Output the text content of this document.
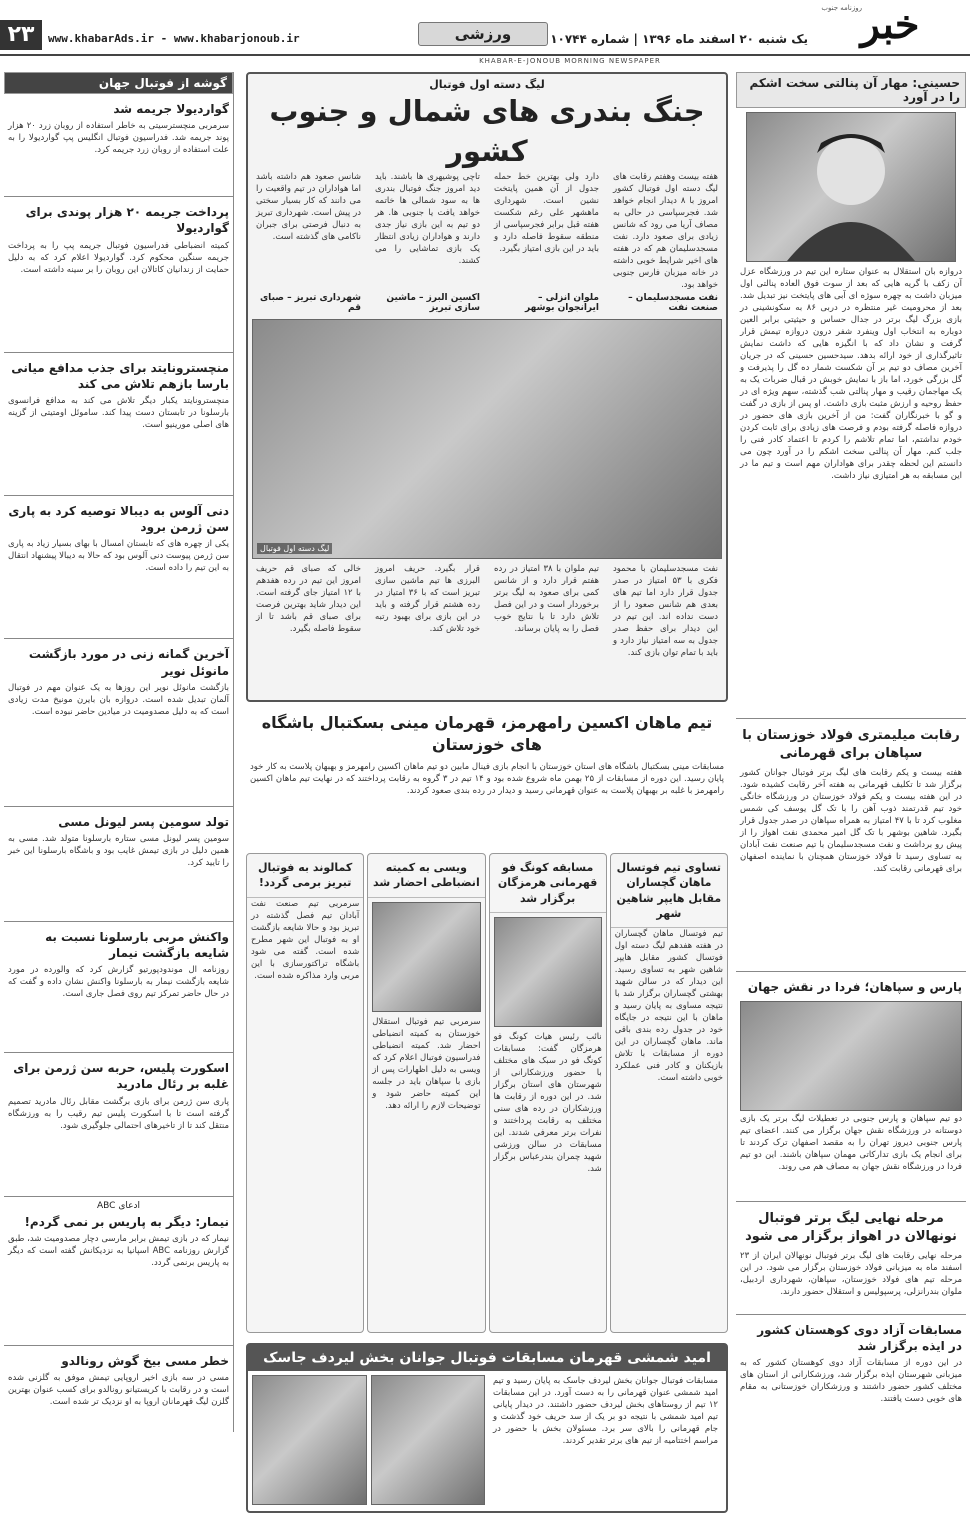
خبر
روزنامه جنوب
یک شنبه ۲۰ اسفند ماه ۱۳۹۶ | شماره ۱۰۷۴۴
ورزشی
www.khabarAds.ir - www.khabarjonoub.ir
۲۳
KHABAR-E-JONOUB MORNING NEWSPAPER
حسینی: مهار آن پنالتی سخت اشکم را در آورد
دروازه بان استقلال به عنوان ستاره این تیم در ورزشگاه عزل آن زکف با گریه هایی که بعد از سوت فوق العاده پنالتی اول میزبان داشت به چهره سوژه ای آبی های پایتخت نیز تبدیل شد. بعد از محرومیت غیر منتظره در دربی ۸۶ به سکونشینی در بازی بزرگ لیگ برتر در جدال حساس و حیثیتی برابر العین دوباره به انتخاب اول وینفرد شفر درون دروازه تیمش قرار گرفت و نشان داد که با انگیزه هایی که داشت نمایش تاثیرگذاری از خود ارائه بدهد. سیدحسین حسینی که در جریان آخرین مصاف دو تیم بر آن شکست شمار ده گل را پذیرفت و گل بزرگی خورد، اما باز با نمایش خوبش در قبال ضربات یک به یک مهاجمان رقیب و مهار پنالتی شب گذشته، سهم ویژه ای در حفظ روحیه و ارزش مثبت بازی داشت. او پس از بازی در گفت و گو با خبرنگاران گفت: من از آخرین بازی های حضور در دروازه فاصله گرفته بودم و فرصت های زیادی برای ثابت کردن خودم نداشتم، اما تمام تلاشم را کردم تا اعتماد کادر فنی را جلب کنم. مهار آن پنالتی سخت اشکم را در آورد چون می دانستم این لحظه چقدر برای هواداران مهم است و تیم ما در این مسابقه به هر امتیازی نیاز داشت.
رقابت میلیمتری فولاد خوزستان با سپاهان برای قهرمانی
هفته بیست و یکم رقابت های لیگ برتر فوتبال جوانان کشور برگزار شد تا تکلیف قهرمانی به هفته آخر رقابت کشیده شود. در این هفته بیست و یکم فولاد خوزستان در ورزشگاه خانگی خود تیم قدرتمند ذوب آهن را با تک گل یوسف کی شمس مغلوب کرد تا با ۴۷ امتیاز به همراه سپاهان در صدر جدول قرار بگیرد. شاهین بوشهر با تک گل امیر محمدی نفت اهواز را از پیش رو برداشت و نفت مسجدسلیمان با تیم صنعت نفت آبادان به تساوی رسید تا فولاد خوزستان همچنان با نماینده اصفهان برای قهرمانی رقابت کند.
پارس و سپاهان؛ فردا در نقش جهان
دو تیم سپاهان و پارس جنوبی در تعطیلات لیگ برتر یک بازی دوستانه در ورزشگاه نقش جهان برگزار می کنند. اعضای تیم پارس جنوبی دیروز تهران را به مقصد اصفهان ترک کردند تا برای انجام یک بازی تدارکاتی مهمان سپاهان باشند. این دو تیم فردا در ورزشگاه نقش جهان به مصاف هم می روند.
مرحله نهایی لیگ برتر فوتبال نونهالان در اهواز برگزار می شود
مرحله نهایی رقابت های لیگ برتر فوتبال نونهالان ایران از ۲۳ اسفند ماه به میزبانی فولاد خوزستان برگزار می شود. در این مرحله تیم های فولاد خوزستان، سپاهان، شهرداری اردبیل، ملوان بندرانزلی، پرسپولیس و استقلال حضور دارند.
مسابقات آزاد دوی کوهستان کشور در ایذه برگزار شد
در این دوره از مسابقات آزاد دوی کوهستان کشور که به میزبانی شهرستان ایذه برگزار شد، ورزشکارانی از استان های مختلف کشور حضور داشتند و ورزشکاران خوزستانی به مقام های خوبی دست یافتند.
لیگ دسته اول فوتبال
جنگ بندری های شمال و جنوب کشور
هفته بیست وهفتم رقابت های لیگ دسته اول فوتبال کشور امروز با ۸ دیدار انجام خواهد شد. فجرسپاسی در حالی به مصاف آریا می رود که شانس زیادی برای صعود دارد. نفت مسجدسلیمان هم که در هفته های اخیر شرایط خوبی داشته در خانه میزبان فارس جنوبی خواهد بود.
دارد ولی بهترین خط حمله جدول از آن همین پایتخت نشین است. شهرداری ماهشهر علی رغم شکست هفته قبل برابر فجرسپاسی از منطقه سقوط فاصله دارد و باید در این بازی امتیاز بگیرد.
تاچی پوشیهری ها باشند. باید دید امروز جنگ فوتبال بندری ها به سود شمالی ها خاتمه خواهد یافت یا جنوبی ها. هر دو تیم به این بازی نیاز جدی دارند و هواداران زیادی انتظار یک بازی تماشایی را می کشند.
شانس صعود هم داشته باشد اما هواداران در تیم واقعیت را می دانند که کار بسیار سختی در پیش است. شهرداری تبریز به دنبال فرصتی برای جبران ناکامی های گذشته است.
نفت مسجدسلیمان – صنعت نفت
ملوان انزلی – ایرانجوان بوشهر
اکسین البرز – ماشین سازی تبریز
شهرداری تبریز – صبای قم
لیگ دسته اول فوتبال
نفت مسجدسلیمان با محمود فکری با ۵۳ امتیاز در صدر جدول قرار دارد اما تیم های بعدی هم شانس صعود را از دست نداده اند. این تیم در این دیدار برای حفظ صدر جدول به سه امتیاز نیاز دارد و باید با تمام توان بازی کند.
تیم ملوان با ۳۸ امتیاز در رده هفتم قرار دارد و از شانس کمی برای صعود به لیگ برتر برخوردار است و در این فصل تلاش دارد تا با نتایج خوب فصل را به پایان برساند.
قرار بگیرد. حریف امروز البرزی ها تیم ماشین سازی تبریز است که با ۳۶ امتیاز در رده هشتم قرار گرفته و باید در این بازی برای بهبود رتبه خود تلاش کند.
خالی که صبای قم حریف امروز این تیم در رده هفدهم با ۱۲ امتیاز جای گرفته است. این دیدار شاید بهترین فرصت برای صبای قم باشد تا از سقوط فاصله بگیرد.
تیم ماهان اکسین رامهرمز، قهرمان مینی بسکتبال باشگاه های خوزستان
مسابقات مینی بسکتبال باشگاه های استان خوزستان با انجام بازی فینال مابین دو تیم ماهان اکسین رامهرمز و بهبهان پلاست به کار خود پایان رسید. این دوره از مسابقات از ۲۵ بهمن ماه شروع شده بود و ۱۴ تیم در ۳ گروه به رقابت پرداختند که در نهایت تیم ماهان اکسین رامهرمز با غلبه بر بهبهان پلاست به عنوان قهرمانی رسید و دیدار در رده بندی صعود کردند.
تساوی تیم فوتسال ماهان گچساران مقابل هایپر شاهین شهر
تیم فوتسال ماهان گچساران در هفته هفدهم لیگ دسته اول فوتسال کشور مقابل هایپر شاهین شهر به تساوی رسید. این دیدار که در سالن شهید بهشتی گچساران برگزار شد با نتیجه مساوی به پایان رسید و ماهان با این نتیجه در جایگاه خود در جدول رده بندی باقی ماند. ماهان گچساران در این دوره از مسابقات با تلاش بازیکنان و کادر فنی عملکرد خوبی داشته است.
مسابقه کونگ فو قهرمانی هرمزگان برگزار شد
نائب رئیس هیات کونگ فو هرمزگان گفت: مسابقات کونگ فو در سبک های مختلف با حضور ورزشکارانی از شهرستان های استان برگزار شد. در این دوره از رقابت ها ورزشکاران در رده های سنی مختلف به رقابت پرداختند و نفرات برتر معرفی شدند. این مسابقات در سالن ورزشی شهید چمران بندرعباس برگزار شد.
ویسی به کمیته انضباطی احضار شد
سرمربی تیم فوتبال استقلال خوزستان به کمیته انضباطی احضار شد. کمیته انضباطی فدراسیون فوتبال اعلام کرد که ویسی به دلیل اظهارات پس از بازی با سپاهان باید در جلسه این کمیته حاضر شود و توضیحات لازم را ارائه دهد.
کمالوند به فوتبال تبریز برمی گردد!
سرمربی تیم صنعت نفت آبادان تیم فصل گذشته در تبریز بود و حالا شایعه بازگشت او به فوتبال این شهر مطرح شده است. گفته می شود باشگاه تراکتورسازی با این مربی وارد مذاکره شده است.
امید شمشی قهرمان مسابقات فوتبال جوانان بخش لیردف جاسک
مسابقات فوتبال جوانان بخش لیردف جاسک به پایان رسید و تیم امید شمشی عنوان قهرمانی را به دست آورد. در این مسابقات ۱۲ تیم از روستاهای بخش لیردف حضور داشتند. در دیدار پایانی تیم امید شمشی با نتیجه دو بر یک از سد حریف خود گذشت و جام قهرمانی را بالای سر برد. مسئولان بخش با حضور در مراسم اختتامیه از تیم های برتر تقدیر کردند.
گوشه از فوتبال جهان
گواردیولا جریمه شد
سرمربی منچسترسیتی به خاطر استفاده از روبان زرد ۲۰ هزار پوند جریمه شد. فدراسیون فوتبال انگلیس پپ گواردیولا را به علت استفاده از روبان زرد جریمه کرد.
پرداخت جریمه ۲۰ هزار پوندی برای گواردیولا
کمیته انضباطی فدراسیون فوتبال جریمه پپ را به پرداخت جریمه سنگین محکوم کرد. گواردیولا اعلام کرد که به دلیل حمایت از زندانیان کاتالان این روبان را بر سینه داشته است.
منچسترونایتد برای جذب مدافع میانی بارسا بازهم تلاش می کند
منچسترونایتد یکبار دیگر تلاش می کند به مدافع فرانسوی بارسلونا در تابستان دست پیدا کند. ساموئل اومتیتی از گزینه های اصلی مورینیو است.
دنی آلوس به دیبالا توصیه کرد به پاری سن ژرمن برود
یکی از چهره های که تابستان امسال با بهای بسیار زیاد به پاری سن ژرمن پیوست دنی آلوس بود که حالا به دیبالا پیشنهاد انتقال به این تیم را داده است.
آخرین گمانه زنی در مورد بازگشت مانوئل نویر
بازگشت مانوئل نویر این روزها به یک عنوان مهم در فوتبال آلمان تبدیل شده است. دروازه بان بایرن مونیخ مدت زیادی است که به دلیل مصدومیت در میادین حاضر نبوده است.
تولد سومین پسر لیونل مسی
سومین پسر لیونل مسی ستاره بارسلونا متولد شد. مسی به همین دلیل در بازی تیمش غایب بود و باشگاه بارسلونا این خبر را تایید کرد.
واکنش مربی بارسلونا نسبت به شایعه بازگشت نیمار
روزنامه ال موندودپورتیو گزارش کرد که والورده در مورد شایعه بازگشت نیمار به بارسلونا واکنش نشان داده و گفت که در حال حاضر تمرکز تیم روی فصل جاری است.
اسکورت پلیس، حربه سن ژرمن برای غلبه بر رئال مادرید
پاری سن ژرمن برای بازی برگشت مقابل رئال مادرید تصمیم گرفته است تا با اسکورت پلیس تیم رقیب را به ورزشگاه منتقل کند تا از تاخیرهای احتمالی جلوگیری شود.
ادعای ABC
نیمار: دیگر به پاریس بر نمی گردم!
نیمار که در بازی تیمش برابر مارسی دچار مصدومیت شد، طبق گزارش روزنامه ABC اسپانیا به نزدیکانش گفته است که دیگر به پاریس برنمی گردد.
خطر مسی بیخ گوش رونالدو
مسی در سه بازی اخیر اروپایی تیمش موفق به گلزنی شده است و در رقابت با کریستیانو رونالدو برای کسب عنوان بهترین گلزن لیگ قهرمانان اروپا به او نزدیک تر شده است.
